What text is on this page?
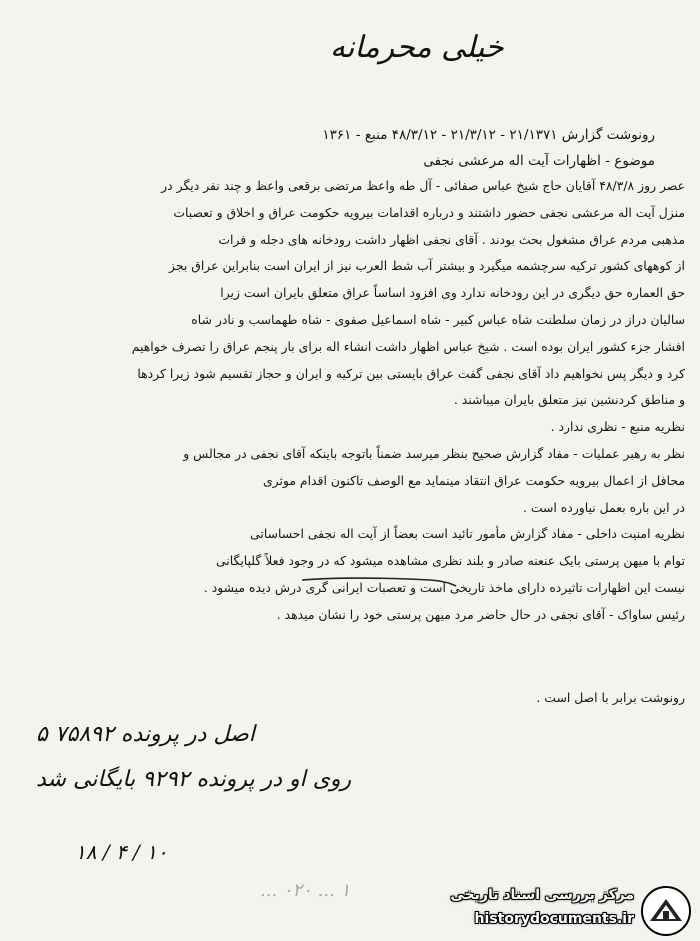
خیلی محرمانه
رونوشت گزارش ۲۱/۱۳۷۱ - ۲۱/۳/۱۲ - ۴۸/۳/۱۲ منبع - ۱۳۶۱
موضوع - اظهارات آیت اله مرعشی نجفی
عصر روز ۴۸/۳/۸ آقایان حاج شیخ عباس صفائی - آل طه واعظ مرتضی برقعی واعظ و چند نفر دیگر در
منزل آیت اله مرعشی نجفی حضور داشتند و درباره اقدامات بیرویه حکومت عراق و اخلاق و تعصبات
مذهبی مردم عراق مشغول بحث بودند . آقای نجفی اظهار داشت رودخانه های دجله و فرات
از کوههای کشور ترکیه سرچشمه میگیرد و بیشتر آب شط العرب نیز از ایران است بنابراین عراق بجز
حق العماره حق دیگری در این رودخانه ندارد وی افزود اساساً عراق متعلق بایران است زیرا
سالیان دراز در زمان سلطنت شاه عباس کبیر - شاه اسماعیل صفوی - شاه طهماسب و نادر شاه
افشار جزء کشور ایران بوده است . شیخ عباس اظهار داشت انشاء اله برای بار پنجم عراق را تصرف خواهیم
کرد و دیگر پس نخواهیم داد آقای نجفی گفت عراق بایستی بین ترکیه و ایران و حجاز تقسیم شود زیرا کردها
و مناطق کردنشین نیز متعلق بایران میباشند .
نظریه منبع - نظری ندارد .
نظر به رهبر عملیات - مفاد گزارش صحیح بنظر میرسد ضمناً باتوجه باینکه آقای نجفی در مجالس و
محافل از اعمال بیرویه حکومت عراق انتقاد مینماید مع الوصف تاکنون اقدام موثری
در این باره بعمل نیاورده است .
نظریه امنیت داخلی - مفاد گزارش مأمور تائید است بعضاً از آیت اله نجفی احساساتی
توام با میهن پرستی بایک عنعنه صادر و بلند نظری مشاهده میشود که در وجود فعلاً گلپایگانی
نیست این اظهارات تاثیرده دارای ماخذ تاریخی است و تعصبات ایرانی گری درش دیده میشود .
رئیس ساواک - آقای نجفی در حال حاضر مرد میهن پرستی خود را نشان میدهد .
رونوشت برابر با اصل است .
اصل در پرونده ۷۵۸۹۲ ۵
روی او در پرونده ۹۲۹۲ بایگانی شد
۱۰ / ۴ / ۱۸
۱ ... ۰۲۰ ...	مرکز بررسی اسناد تاریخی
historydocuments.ir
